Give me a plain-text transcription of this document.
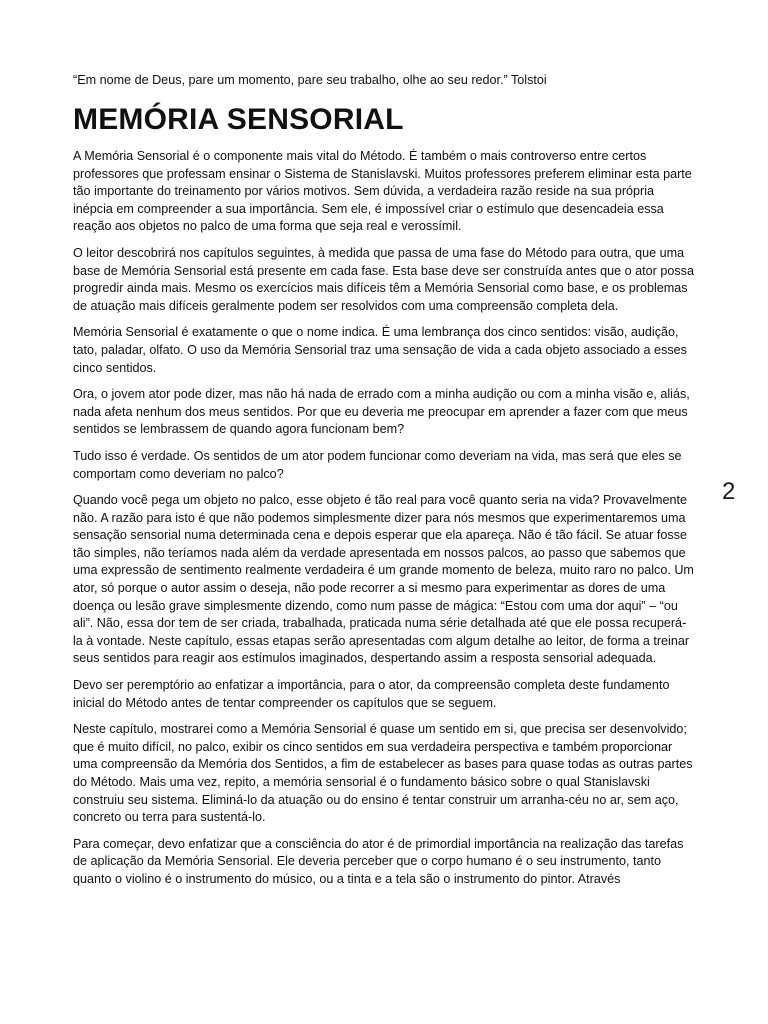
“Em nome de Deus, pare um momento, pare seu trabalho, olhe ao seu redor.” Tolstoi

MEMÓRIA SENSORIAL

A Memória Sensorial é o componente mais vital do Método. É também o mais controverso entre certos professores que professam ensinar o Sistema de Stanislavski. Muitos professores preferem eliminar esta parte tão importante do treinamento por vários motivos. Sem dúvida, a verdadeira razão reside na sua própria inépcia em compreender a sua importância. Sem ele, é impossível criar o estímulo que desencadeia essa reação aos objetos no palco de uma forma que seja real e verossímil.

O leitor descobrirá nos capítulos seguintes, à medida que passa de uma fase do Método para outra, que uma base de Memória Sensorial está presente em cada fase. Esta base deve ser construída antes que o ator possa progredir ainda mais. Mesmo os exercícios mais difíceis têm a Memória Sensorial como base, e os problemas de atuação mais difíceis geralmente podem ser resolvidos com uma compreensão completa dela.

Memória Sensorial é exatamente o que o nome indica. É uma lembrança dos cinco sentidos: visão, audição, tato, paladar, olfato. O uso da Memória Sensorial traz uma sensação de vida a cada objeto associado a esses cinco sentidos.

Ora, o jovem ator pode dizer, mas não há nada de errado com a minha audição ou com a minha visão e, aliás, nada afeta nenhum dos meus sentidos. Por que eu deveria me preocupar em aprender a fazer com que meus sentidos se lembrassem de quando agora funcionam bem?

Tudo isso é verdade. Os sentidos de um ator podem funcionar como deveriam na vida, mas será que eles se comportam como deveriam no palco?

Quando você pega um objeto no palco, esse objeto é tão real para você quanto seria na vida? Provavelmente não. A razão para isto é que não podemos simplesmente dizer para nós mesmos que experimentaremos uma sensação sensorial numa determinada cena e depois esperar que ela apareça. Não é tão fácil. Se atuar fosse tão simples, não teríamos nada além da verdade apresentada em nossos palcos, ao passo que sabemos que uma expressão de sentimento realmente verdadeira é um grande momento de beleza, muito raro no palco. Um ator, só porque o autor assim o deseja, não pode recorrer a si mesmo para experimentar as dores de uma doença ou lesão grave simplesmente dizendo, como num passe de mágica: “Estou com uma dor aqui” – “ou ali”. Não, essa dor tem de ser criada, trabalhada, praticada numa série detalhada até que ele possa recuperá-la à vontade. Neste capítulo, essas etapas serão apresentadas com algum detalhe ao leitor, de forma a treinar seus sentidos para reagir aos estímulos imaginados, despertando assim a resposta sensorial adequada.

Devo ser peremptório ao enfatizar a importância, para o ator, da compreensão completa deste fundamento inicial do Método antes de tentar compreender os capítulos que se seguem.

Neste capítulo, mostrarei como a Memória Sensorial é quase um sentido em si, que precisa ser desenvolvido; que é muito difícil, no palco, exibir os cinco sentidos em sua verdadeira perspectiva e também proporcionar uma compreensão da Memória dos Sentidos, a fim de estabelecer as bases para quase todas as outras partes do Método. Mais uma vez, repito, a memória sensorial é o fundamento básico sobre o qual Stanislavski construiu seu sistema. Eliminá-lo da atuação ou do ensino é tentar construir um arranha-céu no ar, sem aço, concreto ou terra para sustentá-lo.

Para começar, devo enfatizar que a consciência do ator é de primordial importância na realização das tarefas de aplicação da Memória Sensorial. Ele deveria perceber que o corpo humano é o seu instrumento, tanto quanto o violino é o instrumento do músico, ou a tinta e a tela são o instrumento do pintor. Através

2
